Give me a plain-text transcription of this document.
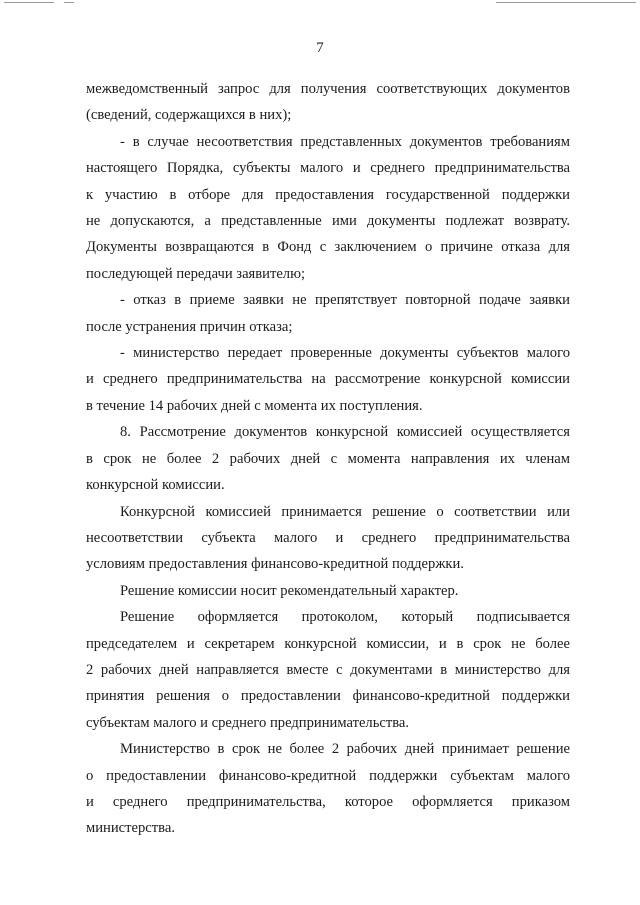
7
межведомственный запрос для получения соответствующих документов
(сведений, содержащихся в них);
- в случае несоответствия представленных документов требованиям
настоящего Порядка, субъекты малого и среднего предпринимательства
к участию в отборе для предоставления государственной поддержки
не допускаются, а представленные ими документы подлежат возврату.
Документы возвращаются в Фонд с заключением о причине отказа для
последующей передачи заявителю;
- отказ в приеме заявки не препятствует повторной подаче заявки
после устранения причин отказа;
- министерство передает проверенные документы субъектов малого
и среднего предпринимательства на рассмотрение конкурсной комиссии
в течение 14 рабочих дней с момента их поступления.
8. Рассмотрение документов конкурсной комиссией осуществляется
в срок не более 2 рабочих дней с момента направления их членам
конкурсной комиссии.
Конкурсной комиссией принимается решение о соответствии или
несоответствии субъекта малого и среднего предпринимательства
условиям предоставления финансово-кредитной поддержки.
Решение комиссии носит рекомендательный характер.
Решение оформляется протоколом, который подписывается
председателем и секретарем конкурсной комиссии, и в срок не более
2 рабочих дней направляется вместе с документами в министерство для
принятия решения о предоставлении финансово-кредитной поддержки
субъектам малого и среднего предпринимательства.
Министерство в срок не более 2 рабочих дней принимает решение
о предоставлении финансово-кредитной поддержки субъектам малого
и среднего предпринимательства, которое оформляется приказом
министерства.
